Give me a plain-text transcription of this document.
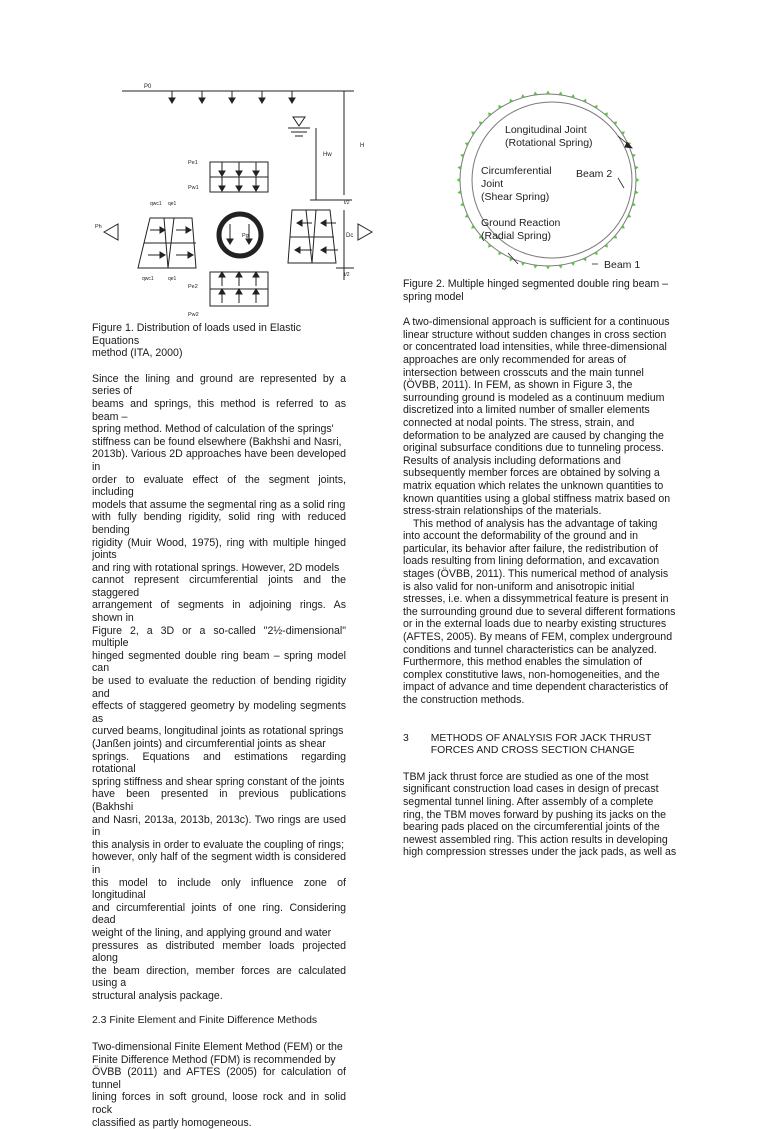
P0
H
Hw
t/2
Pe1
Pw1
qwc1 qe1
qwc1	qe1
Ph
Pg	Dc
t/2
Pe2
Pw2
Longitudinal Joint
(Rotational Spring)
Circumferential
Joint
(Shear Spring)
Beam 2
Ground Reaction
(Radial Spring)
Beam 1
Figure 1. Distribution of loads used in Elastic Equations
method (ITA, 2000)
Since the lining and ground are represented by a series of
beams and springs, this method is referred to as beam –
spring method. Method of calculation of the springs'
stiffness can be found elsewhere (Bakhshi and Nasri,
2013b). Various 2D approaches have been developed in
order to evaluate effect of the segment joints, including
models that assume the segmental ring as a solid ring
with fully bending rigidity, solid ring with reduced bending
rigidity (Muir Wood, 1975), ring with multiple hinged joints
and ring with rotational springs. However, 2D models
cannot represent circumferential joints and the staggered
arrangement of segments in adjoining rings. As shown in
Figure 2, a 3D or a so-called "2½-dimensional" multiple
hinged segmented double ring beam – spring model can
be used to evaluate the reduction of bending rigidity and
effects of staggered geometry by modeling segments as
curved beams, longitudinal joints as rotational springs
(Janßen joints) and circumferential joints as shear
springs. Equations and estimations regarding rotational
spring stiffness and shear spring constant of the joints
have been presented in previous publications (Bakhshi
and Nasri, 2013a, 2013b, 2013c). Two rings are used in
this analysis in order to evaluate the coupling of rings;
however, only half of the segment width is considered in
this model to include only influence zone of longitudinal
and circumferential joints of one ring. Considering dead
weight of the lining, and applying ground and water
pressures as distributed member loads projected along
the beam direction, member forces are calculated using a
structural analysis package.
2.3 Finite Element and Finite Difference Methods
Two-dimensional Finite Element Method (FEM) or the
Finite Difference Method (FDM) is recommended by
ÖVBB (2011) and AFTES (2005) for calculation of tunnel
lining forces in soft ground, loose rock and in solid rock
classified as partly homogeneous.
Figure 2. Multiple hinged segmented double ring beam –
spring model
A two-dimensional approach is sufficient for a continuous
linear structure without sudden changes in cross section
or concentrated load intensities, while three-dimensional
approaches are only recommended for areas of
intersection between crosscuts and the main tunnel
(ÖVBB, 2011). In FEM, as shown in Figure 3, the
surrounding ground is modeled as a continuum medium
discretized into a limited number of smaller elements
connected at nodal points. The stress, strain, and
deformation to be analyzed are caused by changing the
original subsurface conditions due to tunneling process.
Results of analysis including deformations and
subsequently member forces are obtained by solving a
matrix equation which relates the unknown quantities to
known quantities using a global stiffness matrix based on
stress-strain relationships of the materials.
This method of analysis has the advantage of taking
into account the deformability of the ground and in
particular, its behavior after failure, the redistribution of
loads resulting from lining deformation, and excavation
stages (ÖVBB, 2011). This numerical method of analysis
is also valid for non-uniform and anisotropic initial
stresses, i.e. when a dissymmetrical feature is present in
the surrounding ground due to several different formations
or in the external loads due to nearby existing structures
(AFTES, 2005). By means of FEM, complex underground
conditions and tunnel characteristics can be analyzed.
Furthermore, this method enables the simulation of
complex constitutive laws, non-homogeneities, and the
impact of advance and time dependent characteristics of
the construction methods.
3 METHODS OF ANALYSIS FOR JACK THRUST
FORCES AND CROSS SECTION CHANGE
TBM jack thrust force are studied as one of the most
significant construction load cases in design of precast
segmental tunnel lining. After assembly of a complete
ring, the TBM moves forward by pushing its jacks on the
bearing pads placed on the circumferential joints of the
newest assembled ring. This action results in developing
high compression stresses under the jack pads, as well as
